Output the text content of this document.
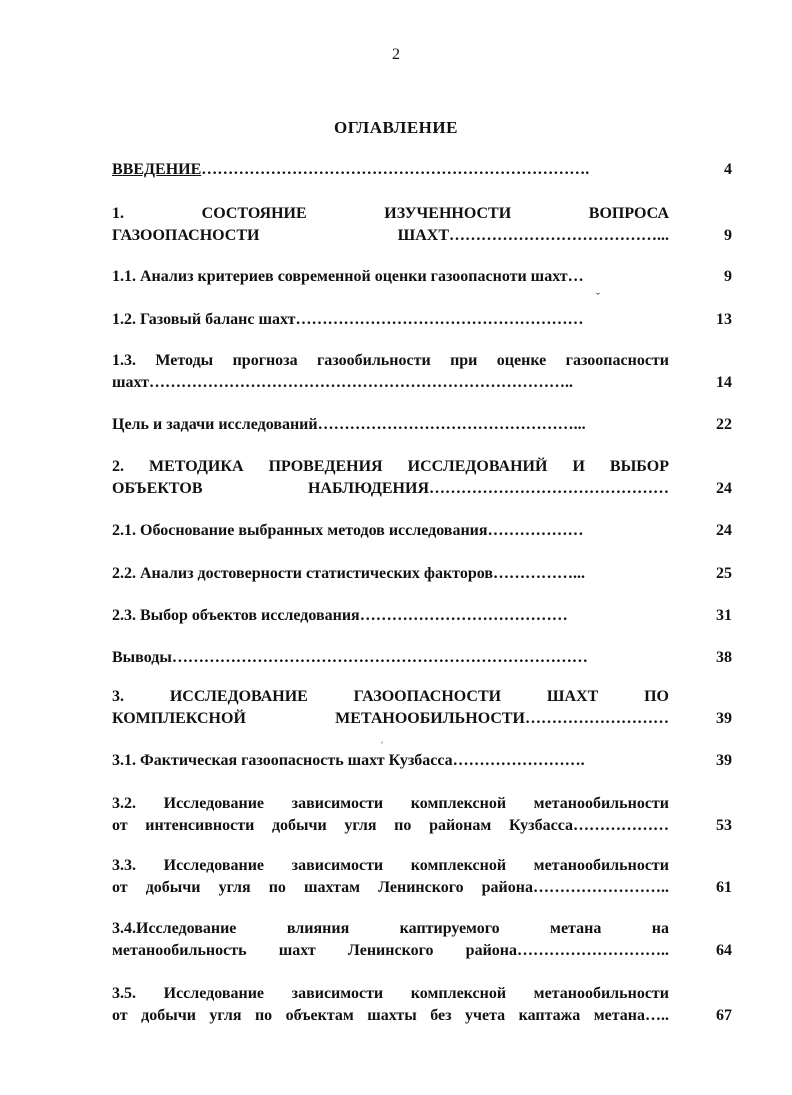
2
ОГЛАВЛЕНИЕ
ВВЕДЕНИЕ……………………………………………………………….	4
1. СОСТОЯНИЕ ИЗУЧЕННОСТИ ВОПРОСА
ГАЗООПАСНОСТИ ШАХТ…………………………………...	9
1.1. Анализ критериев современной оценки газоопасноти шахт…	9
1.2. Газовый баланс шахт………………………………………………	13
1.3. Методы прогноза газообильности при оценке газоопасности
шахт……………………………………………………………………..	14
Цель и задачи исследований…………………………………………...	22
2. МЕТОДИКА ПРОВЕДЕНИЯ ИССЛЕДОВАНИЙ И ВЫБОР
ОБЪЕКТОВ НАБЛЮДЕНИЯ………………………………………	24
2.1. Обоснование выбранных методов исследования………………	24
2.2. Анализ достоверности статистических факторов……………...	25
2.3. Выбор объектов исследования…………………………………	31
Выводы……………………………………………………………………	38
3. ИССЛЕДОВАНИЕ ГАЗООПАСНОСТИ ШАХТ ПО
КОМПЛЕКСНОЙ МЕТАНООБИЛЬНОСТИ………………………	39
3.1. Фактическая газоопасность шахт Кузбасса…………………….	39
3.2. Исследование зависимости комплексной метанообильности
от интенсивности добычи угля по районам Кузбасса………………	53
3.3. Исследование зависимости комплексной метанообильности
от добычи угля по шахтам Ленинского района……………………..	61
3.4.Исследование влияния каптируемого метана на
метанообильность шахт Ленинского района………………………..	64
3.5. Исследование зависимости комплексной метанообильности
от добычи угля по объектам шахты без учета каптажа метана…..	67
ˇ
ˌ
